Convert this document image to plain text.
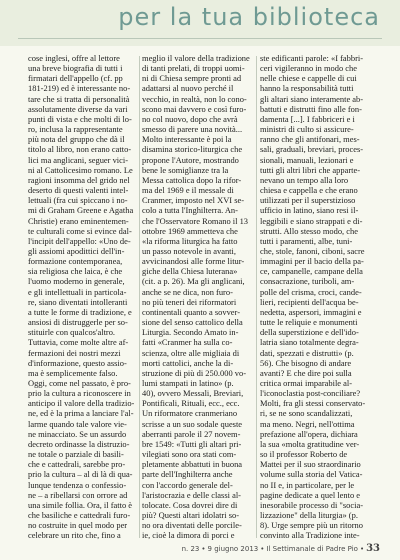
per la tua biblioteca
cose inglesi, offre al lettore
una breve biografia di tutti i
firmatari dell'appello (cf. pp
181-219) ed è interessante no-
tare che si tratta di personalità
assolutamente diverse da vari
punti di vista e che molti di lo-
ro, inclusa la rappresentante
più nota del gruppo che dà il
titolo al libro, non erano catto-
lici ma anglicani, seguer vici-
ni al Cattolicesimo romano. Le
ragioni insomma del grido nel
deserto di questi valenti intel-
lettuali (fra cui spiccano i no-
mi di Graham Greene e Agatha
Christie) erano eminentemen-
te culturali come si evince dal-
l'incipit dell'appello: «Uno de-
gli assiomi apodittici dell'in-
formazione contemporanea,
sia religiosa che laica, è che
l'uomo moderno in generale,
e gli intellettuali in particola-
re, siano diventati intolleranti
a tutte le forme di tradizione, e
ansiosi di distruggerle per so-
stituirle con qualcos'altro.
Tuttavia, come molte altre af-
fermazioni dei nostri mezzi
d'informazione, questo assio-
ma è semplicemente falso.
Oggi, come nel passato, è pro-
prio la cultura a riconoscere in
anticipo il valore della tradizio-
ne, ed è la prima a lanciare l'al-
larme quando tale valore vie-
ne minacciato. Se un assurdo
decreto ordinasse la distruzio-
ne totale o parziale di basili-
che e cattedrali, sarebbe pro-
prio la cultura – al di là di qua-
lunque tendenza o confessio-
ne – a ribellarsi con orrore ad
una simile follia. Ora, il fatto è
che basiliche e cattedrali furo-
no costruite in quel modo per
celebrare un rito che, fino a
meglio il valore della tradizione
di tanti prelati, di troppi uomi-
ni di Chiesa sempre pronti ad
adattarsi al nuovo perché il
vecchio, in realtà, non lo cono-
scono mai davvero e così furo-
no col nuovo, dopo che avrà
smesso di parere una novità...
Molto interessante è poi la
disamina storico-liturgica che
propone l'Autore, mostrando
bene le somiglianze tra la
Messa cattolica dopo la rifor-
ma del 1969 e il messale di
Cranmer, imposto nel XVI se-
colo a tutta l'Inghilterra. An-
che l'Osservatore Romano il 13
ottobre 1969 ammetteva che
«la riforma liturgica ha fatto
un passo notevole in avanti,
avvicinandosi alle forme litur-
giche della Chiesa luterana»
(cit. a p. 26). Ma gli anglicani,
anche se ne dica, non furo-
no più teneri dei riformatori
continentali quanto a sovver-
sione del senso cattolico della
Liturgia. Secondo Amato in-
fatti «Cranmer ha sulla co-
scienza, oltre alle migliaia di
morti cattolici, anche la di-
struzione di più di 250.000 vo-
lumi stampati in latino» (p.
40), ovvero Messali, Breviari,
Pontificali, Rituali, ecc., ecc.
Un riformatore cranmeriano
scrisse a un suo sodale queste
aberranti parole il 27 novem-
bre 1549: «Tutti gli altari pri-
vilegiati sono ora stati com-
pletamente abbattuti in buona
parte dell'Inghilterra anche
con l'accordo generale del-
l'aristocrazia e delle classi al-
tolocate. Cosa dovrei dire di
più? Questi altari idolatri so-
no ora diventati delle porcile-
ie, cioè la dimora di porci e
ste edificanti parole: «I fabbri-
ceri vigileranno in modo che
nelle chiese e cappelle di cui
hanno la responsabilità tutti
gli altari siano interamente ab-
battuti e distrutti fino alle fon-
damenta [...]. I fabbriceri e i
ministri di culto si assicure-
ranno che gli antifonari, mes-
sali, graduali, breviari, proces-
sionali, manuali, lezionari e
tutti gli altri libri che apparte-
nevano un tempo alla loro
chiesa e cappella e che erano
utilizzati per il superstizioso
ufficio in latino, siano resi il-
leggibili e siano strappati e di-
strutti. Allo stesso modo, che
tutti i paramenti, albe, tuni-
che, stole, fanoni, ciboni, sacre
immagini per il bacio della pa-
ce, campanelle, campane della
consacrazione, turiboli, am-
polle del crisma, croci, cande-
lieri, recipienti dell'acqua be-
nedetta, aspersori, immagini e
tutte le reliquie e monumenti
della superstizione e dell'ido-
latria siano totalmente degra-
dati, spezzati e distrutti» (p.
56). Che bisogno di andare
avanti? E che dire poi sulla
critica ormai imparabile al-
l'iconoclastia post-conciliare?
Molti, fra gli stessi conservato-
ri, se ne sono scandalizzati,
ma meno. Negri, nell'ottima
prefazione all'opera, dichiara
la sua «molta gratitudine ver-
so il professor Roberto de
Mattei per il suo straordinario
volume sulla storia del Vatica-
no II e, in particolare, per le
pagine dedicate a quel lento e
inesorabile processo di "socia-
lizzazione" della liturgia» (p.
8). Urge sempre più un ritorno
convinto alla Tradizione inte-
n. 23 • 9 giugno 2013 • Il Settimanale di Padre Pio • 33
